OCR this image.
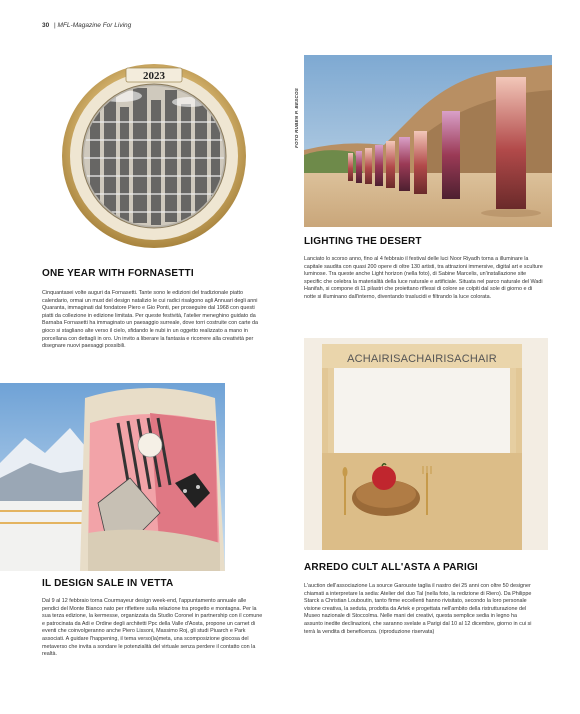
30 | MFL-Magazine For Living
2023
FOTO RUBEN P. BESCOS
ACHAIRISACHAIRISACHAIR
ONE YEAR WITH FORNASETTI

Cinquantasei volte auguri da Fornasetti. Tante sono le edizioni del tradizionale piatto calendario, ormai un must del design natalizio le cui radici risalgono agli Annuari degli anni Quaranta, immaginati dal fondatore Piero e Gio Ponti, per proseguire dal 1968 con questi piatti da collezione in edizione limitata. Per queste festività, l'atelier meneghino guidato da Barnaba Fornasetti ha immaginato un paesaggio surreale, dove torri costruite con carte da gioco si stagliano alte verso il cielo, sfidando le nubi in un oggetto realizzato a mano in porcellana con dettagli in oro. Un invito a liberare la fantasia e ricorrere alla creatività per disegnare nuovi paesaggi possibili.

LIGHTING THE DESERT

Lanciato lo scorso anno, fino al 4 febbraio il festival delle luci Noor Riyadh torna a illuminare la capitale saudita con quasi 200 opere di oltre 130 artisti, tra attrazioni immersive, digital art e sculture luminose. Tra queste anche Light horizon (nella foto), di Sabine Marcelis, un'installazione site specific che celebra la materialità della luce naturale e artificiale. Situata nel parco naturale del Wadi Hanifah, si compone di 11 pilastri che proiettano riflessi di colore se colpiti dal sole di giorno e di notte si illuminano dall'interno, diventando traslucidi e filtrando la luce colorata.

IL DESIGN SALE IN VETTA

Dal 9 al 12 febbraio torna Courmayeur design week-end, l'appuntamento annuale alle pendici del Monte Bianco nato per riflettere sulla relazione tra progetto e montagna. Per la sua terza edizione, la kermesse, organizzata da Studio Coronel in partnership con il comune e patrocinata da Adi e Ordine degli architetti Ppc della Valle d'Aosta, propone un carnet di eventi che coinvolgeranno anche Piero Lissoni, Massimo Roj, gli studi Piuarch e Park associati. A guidare l'happening, il tema verso(la)meta, una scomposizione giocosa del metaverso che invita a sondare le potenzialità del virtuale senza perdere il contatto con la realtà.

ARREDO CULT ALL'ASTA A PARIGI

L'auction dell'associazione La source Garouste taglia il nastro dei 25 anni con oltre 50 designer chiamati a interpretare la sedia: Atelier del duo Tal (nella foto, la redizione di Riero). Da Philippe Starck a Christian Louboutin, tanto firme eccellenti hanno rivisitato, secondo la loro personale visione creativa, la seduta, prodotta da Artek e progettata nell'ambito della ristrutturazione del Museo nazionale di Stoccolma. Nelle mani dei creativi, questa semplice sedia in legno ha assunto inedite declinazioni, che saranno svelate a Parigi dal 10 al 12 dicembre, giorno in cui si terrà la vendita di beneficenza. (riproduzione riservata)
